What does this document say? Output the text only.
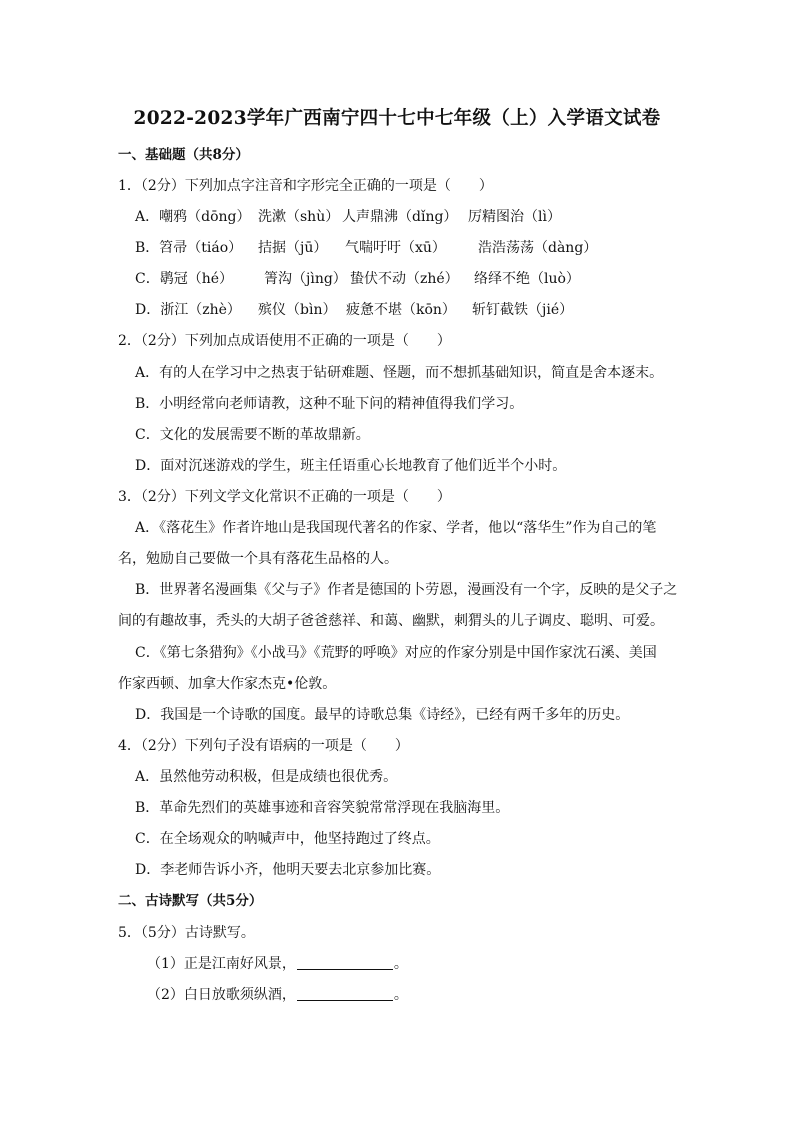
2022-2023学年广西南宁四十七中七年级（上）入学语文试卷
一、基础题（共8分）
1．（2分）下列加点字注音和字形完全正确的一项是（　　）
A．嘲鸦（dōng） 洗漱（shù） 人声鼎沸（dǐng） 厉精图治（lì）
B．笤帚（tiáo） 拮据（jū） 气喘吁吁（xū） 浩浩荡荡（dàng）
C．鹖冠（hé） 箐沟（jìng） 蛰伏不动（zhé） 络绎不绝（luò）
D．浙江（zhè） 殡仪（bìn） 疲惫不堪（kōn） 斩钉截铁（jié）
2．（2分）下列加点成语使用不正确的一项是（　　）
A．有的人在学习中之热衷于钻研难题、怪题，而不想抓基础知识，简直是舍本逐末。
B．小明经常向老师请教，这种不耻下问的精神值得我们学习。
C．文化的发展需要不断的革故鼎新。
D．面对沉迷游戏的学生，班主任语重心长地教育了他们近半个小时。
3．（2分）下列文学文化常识不正确的一项是（　　）
A．《落花生》作者许地山是我国现代著名的作家、学者，他以“落华生”作为自己的笔
名，勉励自己要做一个具有落花生品格的人。
B．世界著名漫画集《父与子》作者是德国的卜劳恩，漫画没有一个字，反映的是父子之
间的有趣故事，秃头的大胡子爸爸慈祥、和蔼、幽默，刺猬头的儿子调皮、聪明、可爱。
C．《第七条猎狗》《小战马》《荒野的呼唤》对应的作家分别是中国作家沈石溪、美国
作家西顿、加拿大作家杰克•伦敦。
D．我国是一个诗歌的国度。最早的诗歌总集《诗经》，已经有两千多年的历史。
4．（2分）下列句子没有语病的一项是（　　）
A．虽然他劳动积极，但是成绩也很优秀。
B．革命先烈们的英雄事迹和音容笑貌常常浮现在我脑海里。
C．在全场观众的呐喊声中，他坚持跑过了终点。
D．李老师告诉小齐，他明天要去北京参加比赛。
二、古诗默写（共5分）
5．（5分）古诗默写。
（1）正是江南好风景，	。
（2）白日放歌须纵酒，	。
